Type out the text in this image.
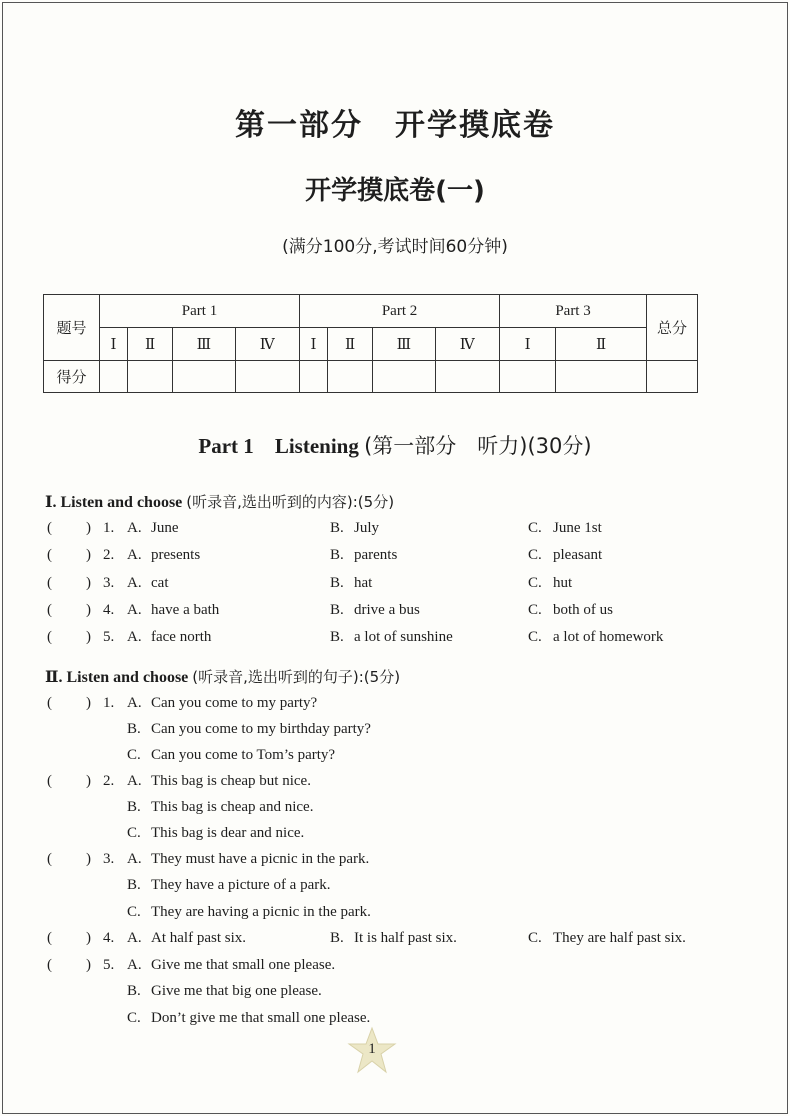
第一部分　开学摸底卷
开学摸底卷(一)
(满分100分,考试时间60分钟)
题号	Part 1				Part 2				Part 3		总分
	Ⅰ	Ⅱ	Ⅲ	Ⅳ	Ⅰ	Ⅱ	Ⅲ	Ⅳ	Ⅰ	Ⅱ	
得分											
Part 1 Listening (第一部分　听力)(30分)
Ⅰ. Listen and choose (听录音,选出听到的内容):(5分)
( ) 1. A. June	B. July	C. June 1st
( ) 2. A. presents	B. parents	C. pleasant
( ) 3. A. cat	B. hat	C. hut
( ) 4. A. have a bath	B. drive a bus	C. both of us
( ) 5. A. face north	B. a lot of sunshine	C. a lot of homework
Ⅱ. Listen and choose (听录音,选出听到的句子):(5分)
( ) 1. A. Can you come to my party?
B. Can you come to my birthday party?
C. Can you come to Tom’s party?
( ) 2. A. This bag is cheap but nice.
B. This bag is cheap and nice.
C. This bag is dear and nice.
( ) 3. A. They must have a picnic in the park.
B. They have a picture of a park.
C. They are having a picnic in the park.
( ) 4. A. At half past six.	B. It is half past six.	C. They are half past six.
( ) 5. A. Give me that small one please.
B. Give me that big one please.
C. Don’t give me that small one please.
1
